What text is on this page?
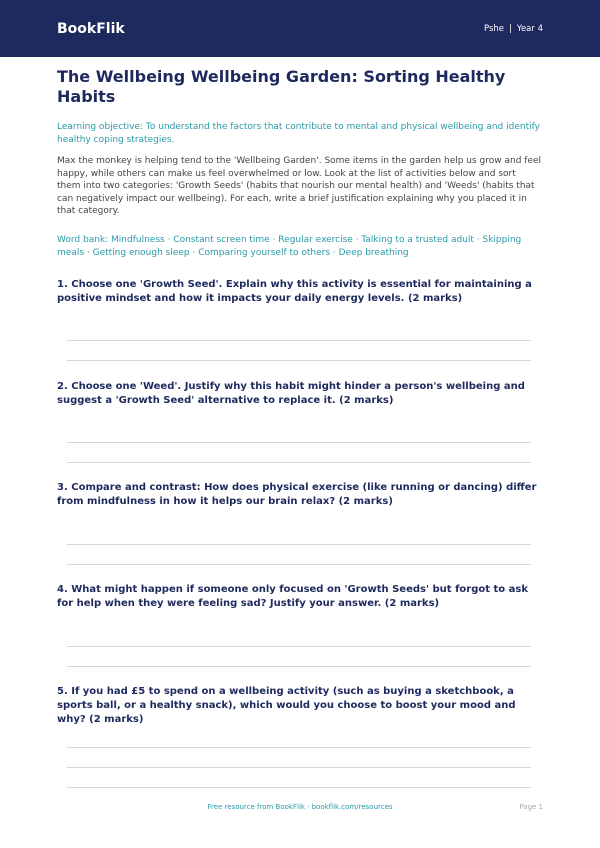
BookFlik	Pshe | Year 4
The Wellbeing Wellbeing Garden: Sorting Healthy Habits
Learning objective: To understand the factors that contribute to mental and physical wellbeing and identify healthy coping strategies.
Max the monkey is helping tend to the 'Wellbeing Garden'. Some items in the garden help us grow and feel happy, while others can make us feel overwhelmed or low. Look at the list of activities below and sort them into two categories: 'Growth Seeds' (habits that nourish our mental health) and 'Weeds' (habits that can negatively impact our wellbeing). For each, write a brief justification explaining why you placed it in that category.
Word bank: Mindfulness · Constant screen time · Regular exercise · Talking to a trusted adult · Skipping meals · Getting enough sleep · Comparing yourself to others · Deep breathing
1. Choose one 'Growth Seed'. Explain why this activity is essential for maintaining a positive mindset and how it impacts your daily energy levels. (2 marks)
2. Choose one 'Weed'. Justify why this habit might hinder a person's wellbeing and suggest a 'Growth Seed' alternative to replace it. (2 marks)
3. Compare and contrast: How does physical exercise (like running or dancing) differ from mindfulness in how it helps our brain relax? (2 marks)
4. What might happen if someone only focused on 'Growth Seeds' but forgot to ask for help when they were feeling sad? Justify your answer. (2 marks)
5. If you had £5 to spend on a wellbeing activity (such as buying a sketchbook, a sports ball, or a healthy snack), which would you choose to boost your mood and why? (2 marks)
Free resource from BookFlik · bookflik.com/resources	Page 1
